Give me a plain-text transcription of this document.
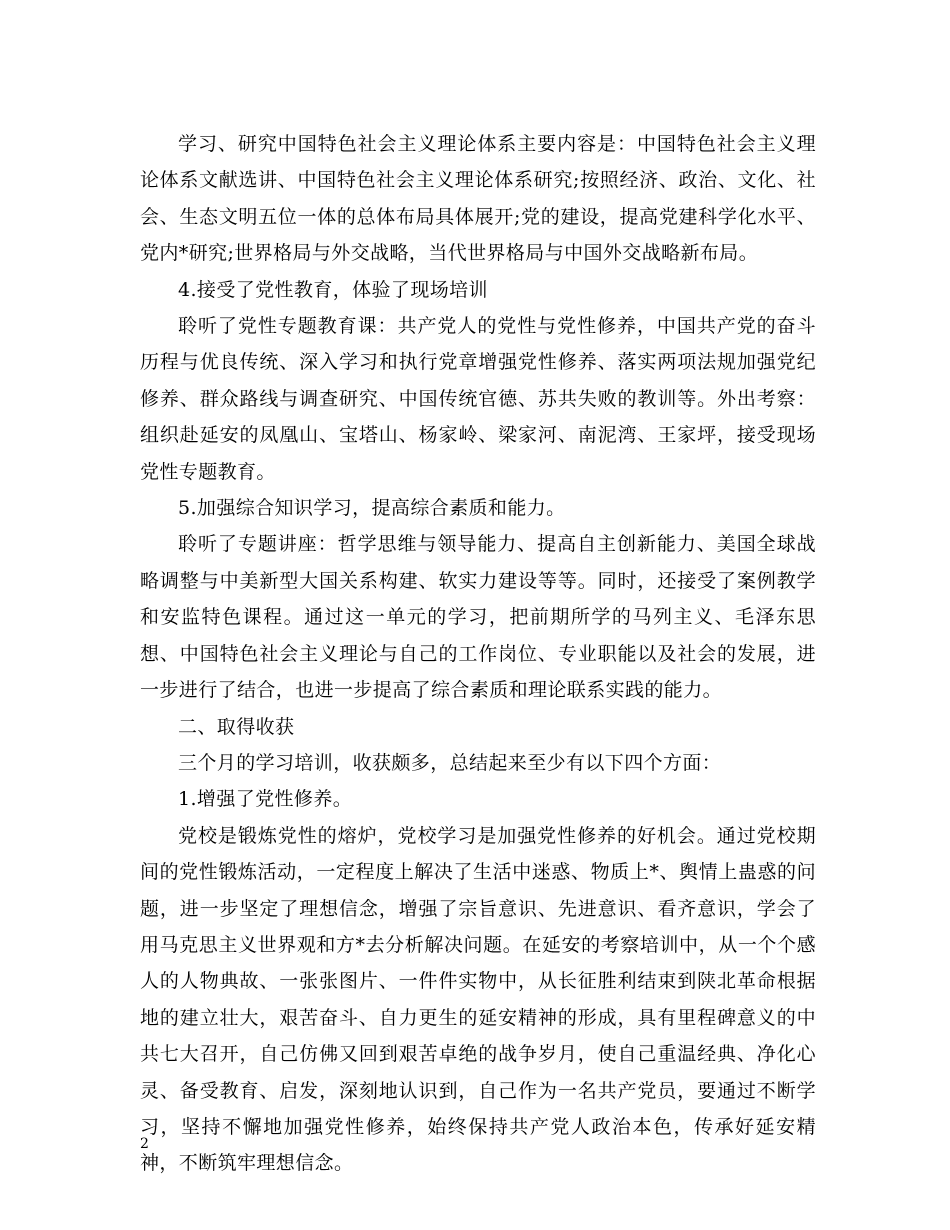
学习、研究中国特色社会主义理论体系主要内容是：中国特色社会主义理论体系文献选讲、中国特色社会主义理论体系研究;按照经济、政治、文化、社会、生态文明五位一体的总体布局具体展开;党的建设，提高党建科学化水平、党内*研究;世界格局与外交战略，当代世界格局与中国外交战略新布局。

4.接受了党性教育，体验了现场培训

聆听了党性专题教育课：共产党人的党性与党性修养，中国共产党的奋斗历程与优良传统、深入学习和执行党章增强党性修养、落实两项法规加强党纪修养、群众路线与调查研究、中国传统官德、苏共失败的教训等。外出考察：组织赴延安的凤凰山、宝塔山、杨家岭、梁家河、南泥湾、王家坪，接受现场党性专题教育。

5.加强综合知识学习，提高综合素质和能力。

聆听了专题讲座：哲学思维与领导能力、提高自主创新能力、美国全球战略调整与中美新型大国关系构建、软实力建设等等。同时，还接受了案例教学和安监特色课程。通过这一单元的学习，把前期所学的马列主义、毛泽东思想、中国特色社会主义理论与自己的工作岗位、专业职能以及社会的发展，进一步进行了结合，也进一步提高了综合素质和理论联系实践的能力。

二、取得收获

三个月的学习培训，收获颇多，总结起来至少有以下四个方面：

1.增强了党性修养。

党校是锻炼党性的熔炉，党校学习是加强党性修养的好机会。通过党校期间的党性锻炼活动，一定程度上解决了生活中迷惑、物质上*、舆情上蛊惑的问题，进一步坚定了理想信念，增强了宗旨意识、先进意识、看齐意识，学会了用马克思主义世界观和方*去分析解决问题。在延安的考察培训中，从一个个感人的人物典故、一张张图片、一件件实物中，从长征胜利结束到陕北革命根据地的建立壮大，艰苦奋斗、自力更生的延安精神的形成，具有里程碑意义的中共七大召开，自己仿佛又回到艰苦卓绝的战争岁月，使自己重温经典、净化心灵、备受教育、启发，深刻地认识到，自己作为一名共产党员，要通过不断学习，坚持不懈地加强党性修养，始终保持共产党人政治本色，传承好延安精神，不断筑牢理想信念。

2
